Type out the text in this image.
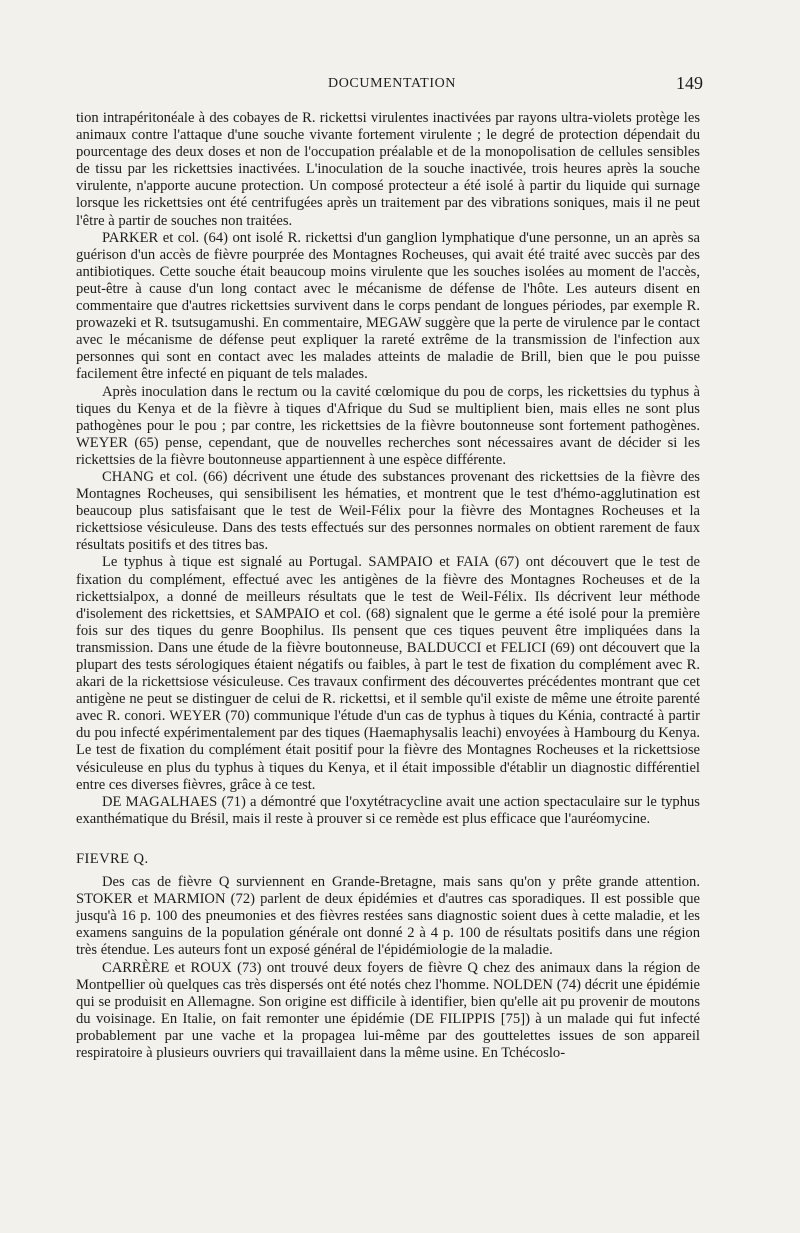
DOCUMENTATION	149

tion intrapéritonéale à des cobayes de R. rickettsi virulentes inactivées par rayons ultra-violets protège les animaux contre l'attaque d'une souche vivante fortement virulente ; le degré de protection dépendait du pourcentage des deux doses et non de l'occupation préalable et de la monopolisation de cellules sensibles de tissu par les rickettsies inactivées. L'inoculation de la souche inactivée, trois heures après la souche virulente, n'apporte aucune protection. Un composé protecteur a été isolé à partir du liquide qui surnage lorsque les rickettsies ont été centrifugées après un traitement par des vibrations soniques, mais il ne peut l'être à partir de souches non traitées.

PARKER et col. (64) ont isolé R. rickettsi d'un ganglion lymphatique d'une personne, un an après sa guérison d'un accès de fièvre pourprée des Montagnes Rocheuses, qui avait été traité avec succès par des antibiotiques. Cette souche était beaucoup moins virulente que les souches isolées au moment de l'accès, peut-être à cause d'un long contact avec le mécanisme de défense de l'hôte. Les auteurs disent en commentaire que d'autres rickettsies survivent dans le corps pendant de longues périodes, par exemple R. prowazeki et R. tsutsugamushi. En commentaire, MEGAW suggère que la perte de virulence par le contact avec le mécanisme de défense peut expliquer la rareté extrême de la transmission de l'infection aux personnes qui sont en contact avec les malades atteints de maladie de Brill, bien que le pou puisse facilement être infecté en piquant de tels malades.

Après inoculation dans le rectum ou la cavité cœlomique du pou de corps, les rickettsies du typhus à tiques du Kenya et de la fièvre à tiques d'Afrique du Sud se multiplient bien, mais elles ne sont plus pathogènes pour le pou ; par contre, les rickettsies de la fièvre boutonneuse sont fortement pathogènes. WEYER (65) pense, cependant, que de nouvelles recherches sont nécessaires avant de décider si les rickettsies de la fièvre boutonneuse appartiennent à une espèce différente.

CHANG et col. (66) décrivent une étude des substances provenant des rickettsies de la fièvre des Montagnes Rocheuses, qui sensibilisent les hématies, et montrent que le test d'hémo-agglutination est beaucoup plus satisfaisant que le test de Weil-Félix pour la fièvre des Montagnes Rocheuses et la rickettsiose vésiculeuse. Dans des tests effectués sur des personnes normales on obtient rarement de faux résultats positifs et des titres bas.

Le typhus à tique est signalé au Portugal. SAMPAIO et FAIA (67) ont découvert que le test de fixation du complément, effectué avec les antigènes de la fièvre des Montagnes Rocheuses et de la rickettsialpox, a donné de meilleurs résultats que le test de Weil-Félix. Ils décrivent leur méthode d'isolement des rickettsies, et SAMPAIO et col. (68) signalent que le germe a été isolé pour la première fois sur des tiques du genre Boophilus. Ils pensent que ces tiques peuvent être impliquées dans la transmission. Dans une étude de la fièvre boutonneuse, BALDUCCI et FELICI (69) ont découvert que la plupart des tests sérologiques étaient négatifs ou faibles, à part le test de fixation du complément avec R. akari de la rickettsiose vésiculeuse. Ces travaux confirment des découvertes précédentes montrant que cet antigène ne peut se distinguer de celui de R. rickettsi, et il semble qu'il existe de même une étroite parenté avec R. conori. WEYER (70) communique l'étude d'un cas de typhus à tiques du Kénia, contracté à partir du pou infecté expérimentalement par des tiques (Haemaphysalis leachi) envoyées à Hambourg du Kenya. Le test de fixation du complément était positif pour la fièvre des Montagnes Rocheuses et la rickettsiose vésiculeuse en plus du typhus à tiques du Kenya, et il était impossible d'établir un diagnostic différentiel entre ces diverses fièvres, grâce à ce test.

DE MAGALHAES (71) a démontré que l'oxytétracycline avait une action spectaculaire sur le typhus exanthématique du Brésil, mais il reste à prouver si ce remède est plus efficace que l'auréomycine.

FIEVRE Q.

Des cas de fièvre Q surviennent en Grande-Bretagne, mais sans qu'on y prête grande attention. STOKER et MARMION (72) parlent de deux épidémies et d'autres cas sporadiques. Il est possible que jusqu'à 16 p. 100 des pneumonies et des fièvres restées sans diagnostic soient dues à cette maladie, et les examens sanguins de la population générale ont donné 2 à 4 p. 100 de résultats positifs dans une région très étendue. Les auteurs font un exposé général de l'épidémiologie de la maladie.

CARRÈRE et ROUX (73) ont trouvé deux foyers de fièvre Q chez des animaux dans la région de Montpellier où quelques cas très dispersés ont été notés chez l'homme. NOLDEN (74) décrit une épidémie qui se produisit en Allemagne. Son origine est difficile à identifier, bien qu'elle ait pu provenir de moutons du voisinage. En Italie, on fait remonter une épidémie (DE FILIPPIS [75]) à un malade qui fut infecté probablement par une vache et la propagea lui-même par des gouttelettes issues de son appareil respiratoire à plusieurs ouvriers qui travaillaient dans la même usine. En Tchécoslo-
